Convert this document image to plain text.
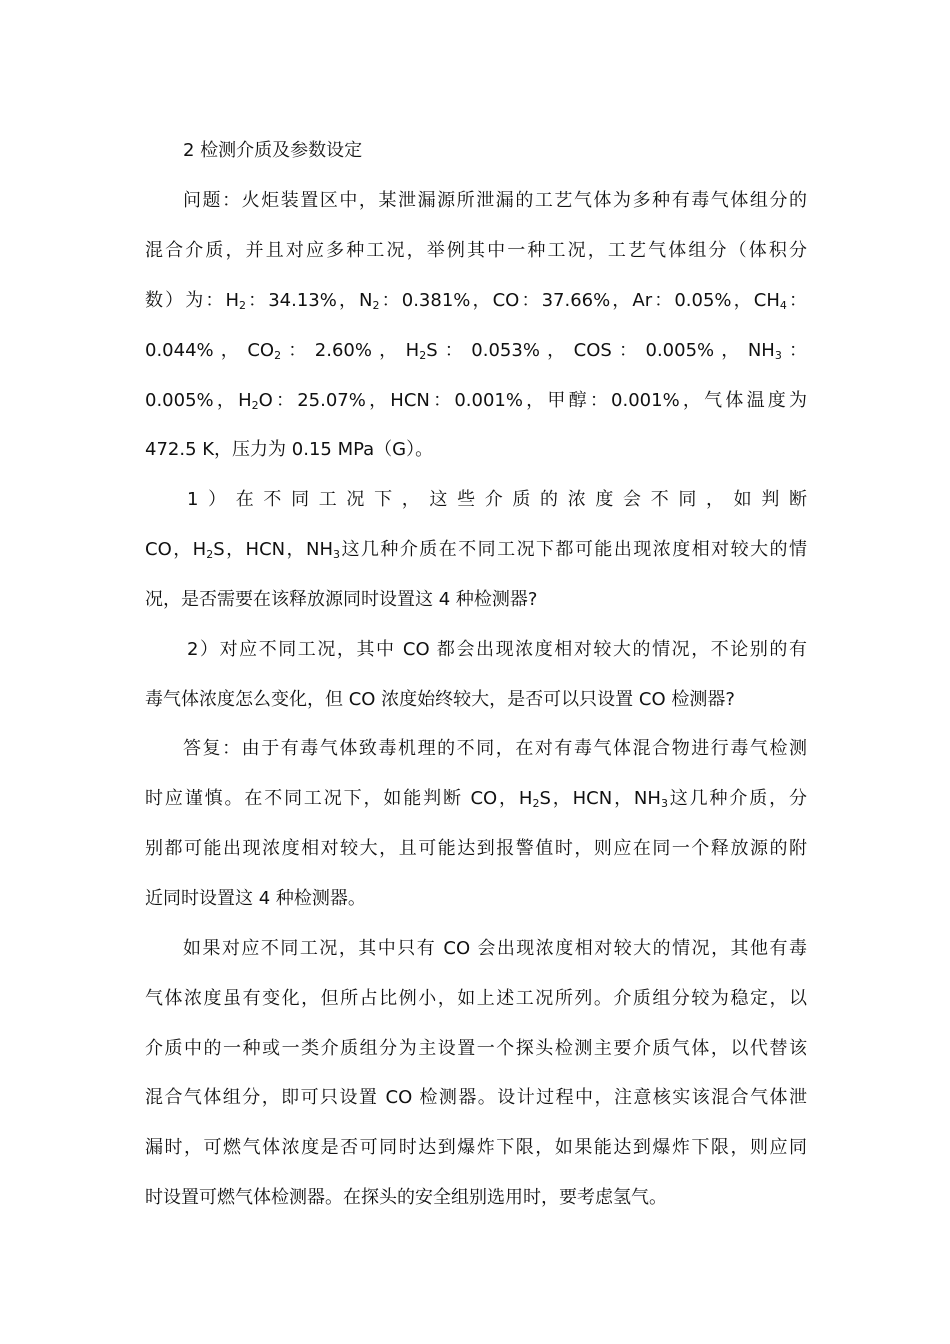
2 检测介质及参数设定
问题：火炬装置区中，某泄漏源所泄漏的工艺气体为多种有毒气体组分的
混合介质，并且对应多种工况，举例其中一种工况，工艺气体组分（体积分
数）为：$H_2$：34.13%，$N_2$：0.381%，CO：37.66%，Ar：0.05%，$CH_4$：
0.044% ， $CO_2$ ： 2.60% ， $H_2S$ ： 0.053% ， COS ： 0.005% ， $NH_3$ ：
0.005%，$H_2O$：25.07%，HCN：0.001%，甲醇：0.001%，气体温度为
472.5 K，压力为 0.15 MPa（G）。
1）在不同工况下，这些介质的浓度会不同，如判断
CO，$H_2S$，HCN，$NH_3$这几种介质在不同工况下都可能出现浓度相对较大的情
况，是否需要在该释放源同时设置这 4 种检测器?
2）对应不同工况，其中 CO 都会出现浓度相对较大的情况，不论别的有
毒气体浓度怎么变化，但 CO 浓度始终较大，是否可以只设置 CO 检测器?
答复：由于有毒气体致毒机理的不同，在对有毒气体混合物进行毒气检测
时应谨慎。在不同工况下，如能判断 CO，$H_2S$，HCN，$NH_3$这几种介质，分
别都可能出现浓度相对较大，且可能达到报警值时，则应在同一个释放源的附
近同时设置这 4 种检测器。
如果对应不同工况，其中只有 CO 会出现浓度相对较大的情况，其他有毒
气体浓度虽有变化，但所占比例小，如上述工况所列。介质组分较为稳定，以
介质中的一种或一类介质组分为主设置一个探头检测主要介质气体，以代替该
混合气体组分，即可只设置 CO 检测器。设计过程中，注意核实该混合气体泄
漏时，可燃气体浓度是否可同时达到爆炸下限，如果能达到爆炸下限，则应同
时设置可燃气体检测器。在探头的安全组别选用时，要考虑氢气。
